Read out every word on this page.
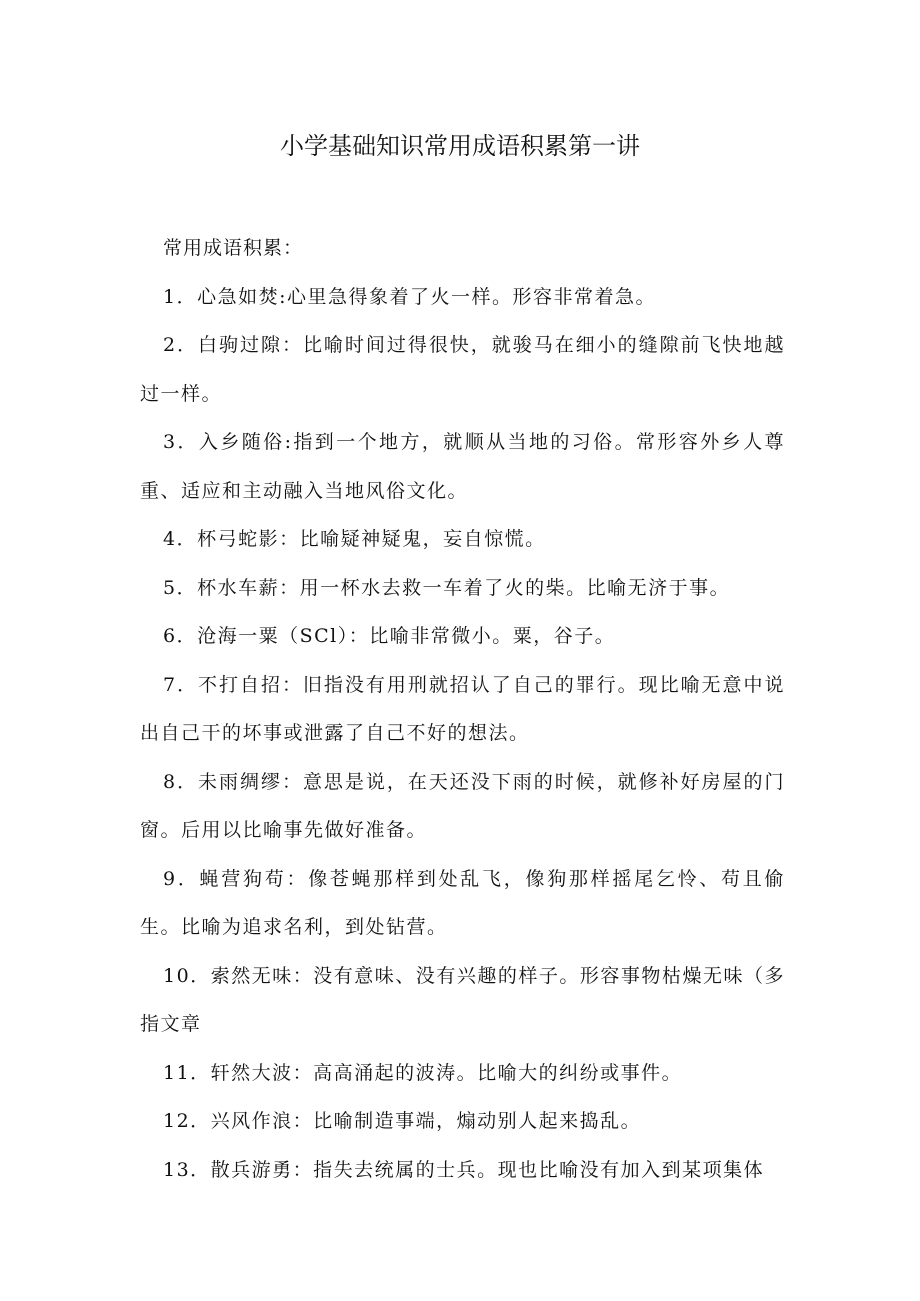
小学基础知识常用成语积累第一讲

常用成语积累：

1．心急如焚:心里急得象着了火一样。形容非常着急。

2．白驹过隙：比喻时间过得很快，就骏马在细小的缝隙前飞快地越过一样。

3．入乡随俗:指到一个地方，就顺从当地的习俗。常形容外乡人尊重、适应和主动融入当地风俗文化。

4．杯弓蛇影：比喻疑神疑鬼，妄自惊慌。

5．杯水车薪：用一杯水去救一车着了火的柴。比喻无济于事。

6．沧海一粟（SCl）：比喻非常微小。粟，谷子。

7．不打自招：旧指没有用刑就招认了自己的罪行。现比喻无意中说出自己干的坏事或泄露了自己不好的想法。

8．未雨绸缪：意思是说，在天还没下雨的时候，就修补好房屋的门窗。后用以比喻事先做好准备。

9．蝇营狗苟：像苍蝇那样到处乱飞，像狗那样摇尾乞怜、苟且偷生。比喻为追求名利，到处钻营。

10．索然无味：没有意味、没有兴趣的样子。形容事物枯燥无味（多指文章

11．轩然大波：高高涌起的波涛。比喻大的纠纷或事件。

12．兴风作浪：比喻制造事端，煽动别人起来捣乱。

13．散兵游勇：指失去统属的士兵。现也比喻没有加入到某项集体
